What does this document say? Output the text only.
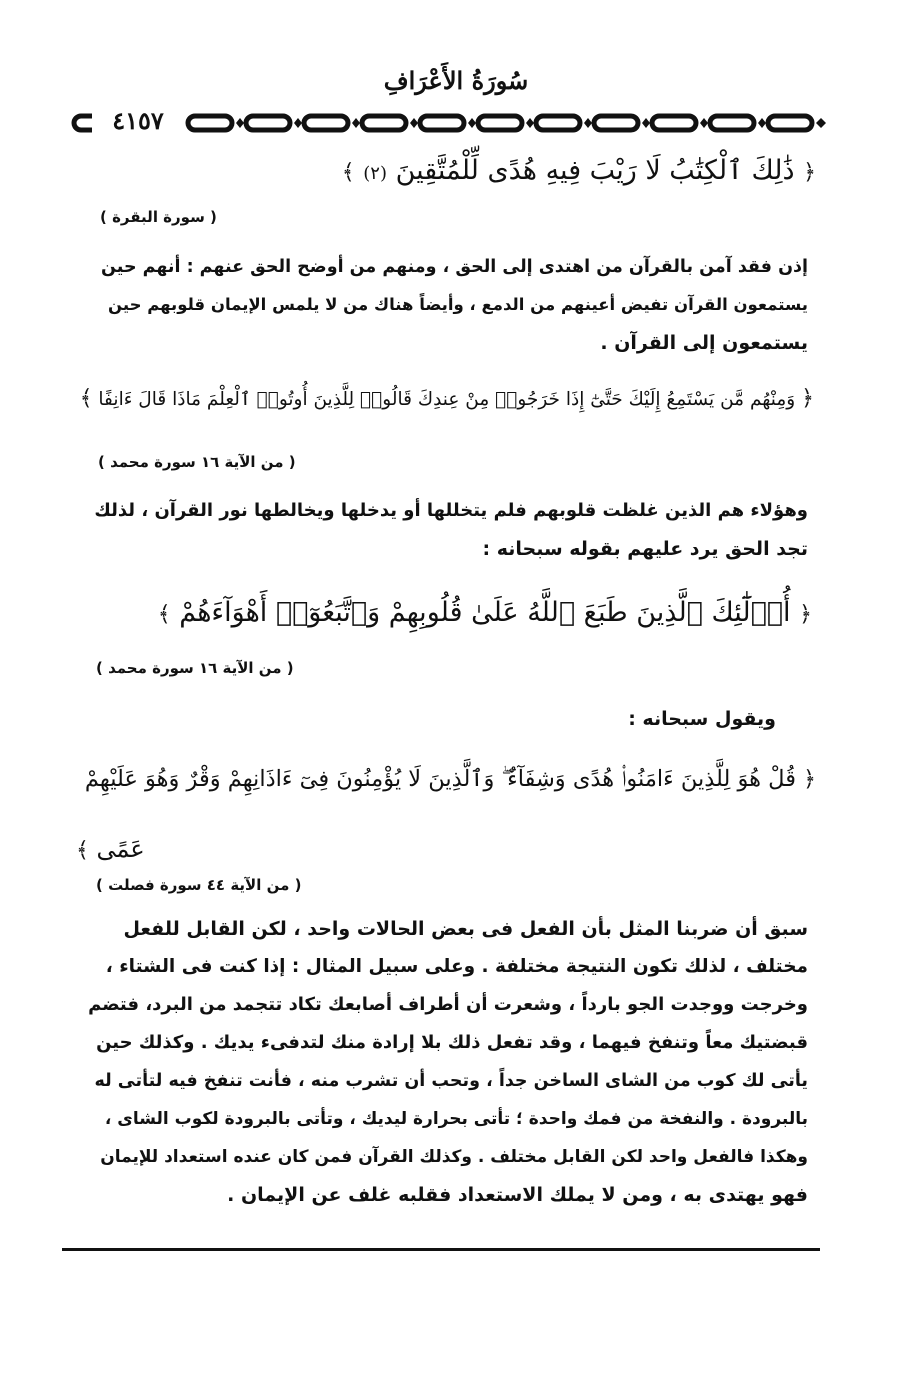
سُورَةُ الأَعْرَافِ
٤١٥٧
﴿ ذَٰلِكَ ٱلْكِتَٰبُ لَا رَيْبَ فِيهِ هُدًى لِّلْمُتَّقِينَ (٢) ﴾
( سورة البقرة )
إذن فقد آمن بالقرآن من اهتدى إلى الحق ، ومنهم من أوضح الحق عنهم : أنهم حين
يستمعون القرآن تفيض أعينهم من الدمع ، وأيضاً هناك من لا يلمس الإيمان قلوبهم حين
يستمعون إلى القرآن .
﴿ وَمِنْهُم مَّن يَسْتَمِعُ إِلَيْكَ حَتَّىٰٓ إِذَا خَرَجُوا۟ مِنْ عِندِكَ قَالُوا۟ لِلَّذِينَ أُوتُوا۟ ٱلْعِلْمَ مَاذَا قَالَ ءَانِفًا ﴾
( من الآية ١٦ سورة محمد )
وهؤلاء هم الذين غلظت قلوبهم فلم يتخللها أو يدخلها ويخالطها نور القرآن ، لذلك
تجد الحق يرد عليهم بقوله سبحانه :
﴿ أُو۟لَٰٓئِكَ ٱلَّذِينَ طَبَعَ ٱللَّهُ عَلَىٰ قُلُوبِهِمْ وَٱتَّبَعُوٓا۟ أَهْوَآءَهُمْ ﴾
( من الآية ١٦ سورة محمد )
ويقول سبحانه :
﴿ قُلْ هُوَ لِلَّذِينَ ءَامَنُوا۟ هُدًى وَشِفَآءٌ ۖ وَٱلَّذِينَ لَا يُؤْمِنُونَ فِىٓ ءَاذَانِهِمْ وَقْرٌ وَهُوَ عَلَيْهِمْ
عَمًى ﴾
( من الآية ٤٤ سورة فصلت )
سبق أن ضربنا المثل بأن الفعل فى بعض الحالات واحد ، لكن القابل للفعل
مختلف ، لذلك تكون النتيجة مختلفة . وعلى سبيل المثال : إذا كنت فى الشتاء ،
وخرجت ووجدت الجو بارداً ، وشعرت أن أطراف أصابعك تكاد تتجمد من البرد، فتضم
قبضتيك معاً وتنفخ فيهما ، وقد تفعل ذلك بلا إرادة منك لتدفىء يديك . وكذلك حين
يأتى لك كوب من الشاى الساخن جداً ، وتحب أن تشرب منه ، فأنت تنفخ فيه لتأتى له
بالبرودة . والنفخة من فمك واحدة ؛ تأتى بحرارة ليديك ، وتأتى بالبرودة لكوب الشاى ،
وهكذا فالفعل واحد لكن القابل مختلف . وكذلك القرآن فمن كان عنده استعداد للإيمان
فهو يهتدى به ، ومن لا يملك الاستعداد فقلبه غلف عن الإيمان .
